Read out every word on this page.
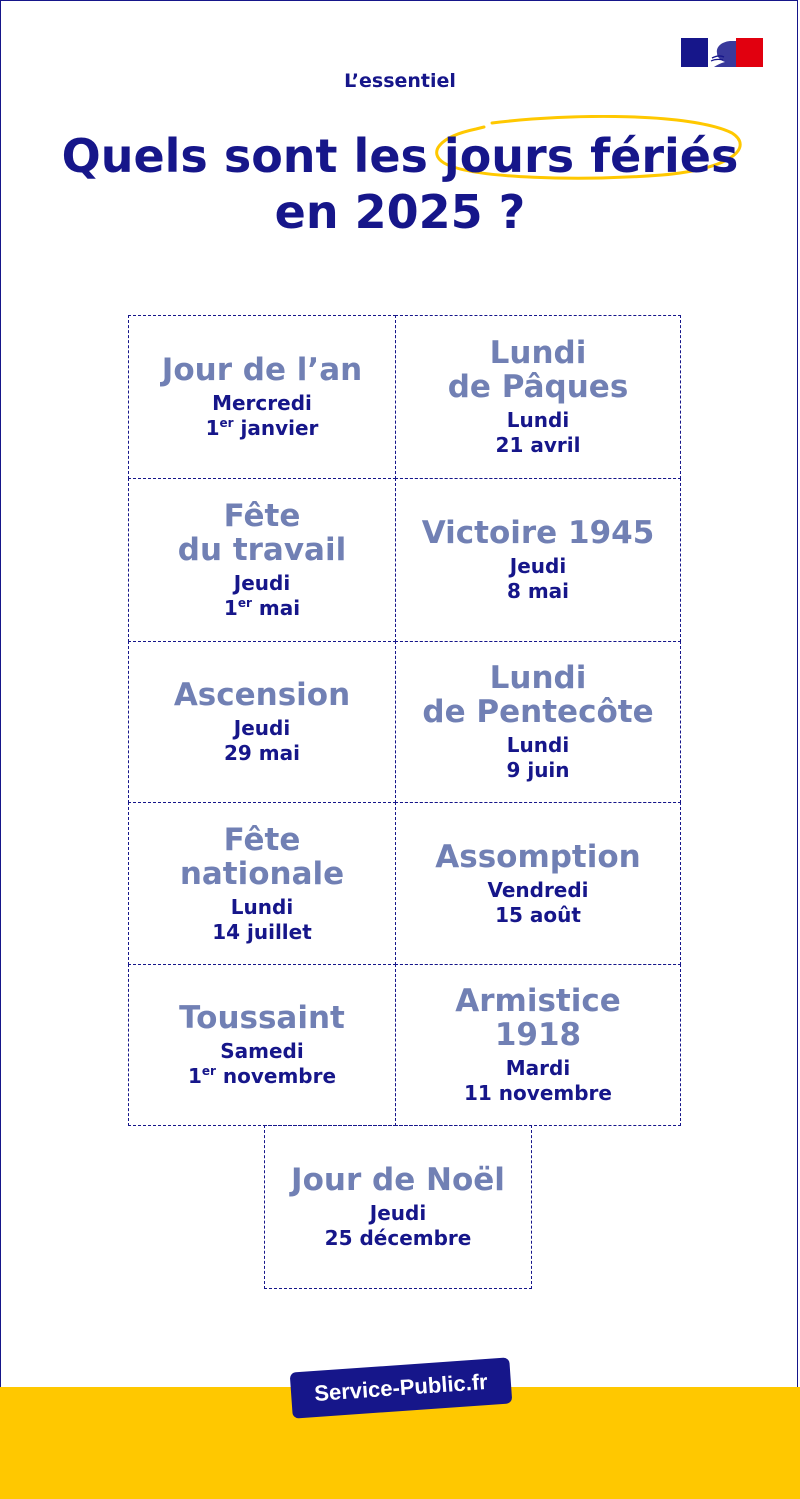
L’essentiel
Quels sont les
jours fériés
en 2025 ?
Jour de l’an
Mercredi
1er janvier
Lundi
de Pâques
Lundi
21 avril
Fête
du travail
Jeudi
1er mai
Victoire 1945
Jeudi
8 mai
Ascension
Jeudi
29 mai
Lundi
de Pentecôte
Lundi
9 juin
Fête
nationale
Lundi
14 juillet
Assomption
Vendredi
15 août
Toussaint
Samedi
1er novembre
Armistice
1918
Mardi
11 novembre
Jour de Noël
Jeudi
25 décembre
Service-Public.fr
